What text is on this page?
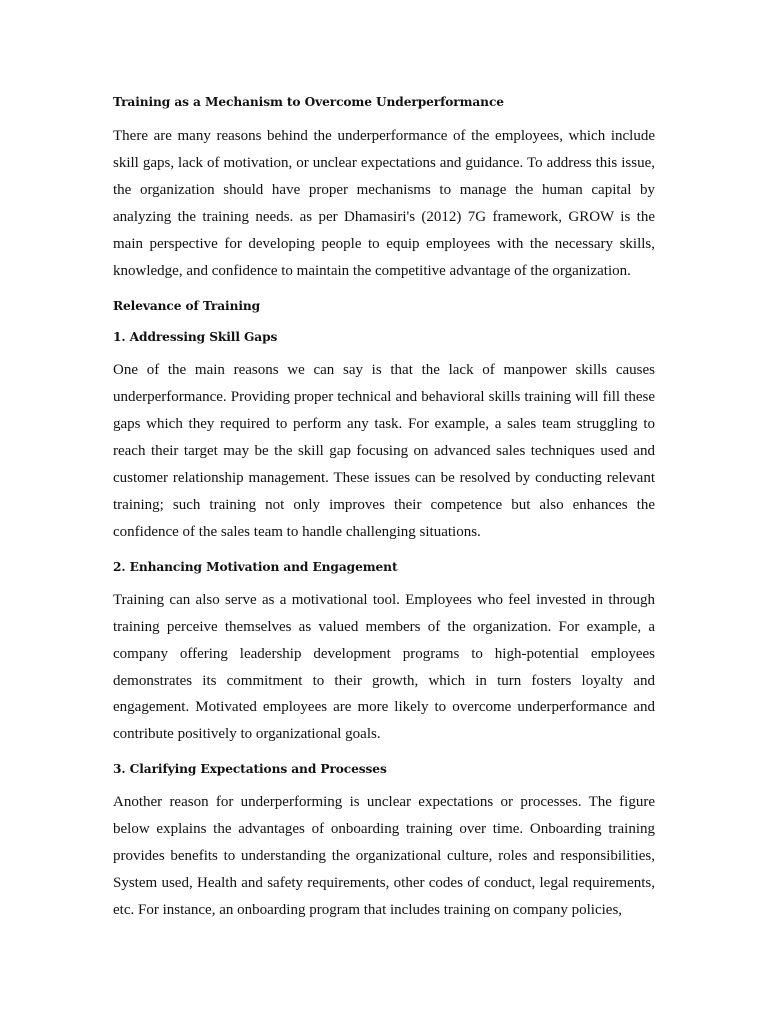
Training as a Mechanism to Overcome Underperformance

There are many reasons behind the underperformance of the employees, which include skill gaps, lack of motivation, or unclear expectations and guidance. To address this issue, the organization should have proper mechanisms to manage the human capital by analyzing the training needs. as per Dhamasiri's (2012) 7G framework, GROW is the main perspective for developing people to equip employees with the necessary skills, knowledge, and confidence to maintain the competitive advantage of the organization.

Relevance of Training

1. Addressing Skill Gaps

One of the main reasons we can say is that the lack of manpower skills causes underperformance. Providing proper technical and behavioral skills training will fill these gaps which they required to perform any task. For example, a sales team struggling to reach their target may be the skill gap focusing on advanced sales techniques used and customer relationship management. These issues can be resolved by conducting relevant training; such training not only improves their competence but also enhances the confidence of the sales team to handle challenging situations.

2. Enhancing Motivation and Engagement

Training can also serve as a motivational tool. Employees who feel invested in through training perceive themselves as valued members of the organization. For example, a company offering leadership development programs to high-potential employees demonstrates its commitment to their growth, which in turn fosters loyalty and engagement. Motivated employees are more likely to overcome underperformance and contribute positively to organizational goals.

3. Clarifying Expectations and Processes

Another reason for underperforming is unclear expectations or processes. The figure below explains the advantages of onboarding training over time. Onboarding training provides benefits to understanding the organizational culture, roles and responsibilities, System used, Health and safety requirements, other codes of conduct, legal requirements, etc. For instance, an onboarding program that includes training on company policies,
